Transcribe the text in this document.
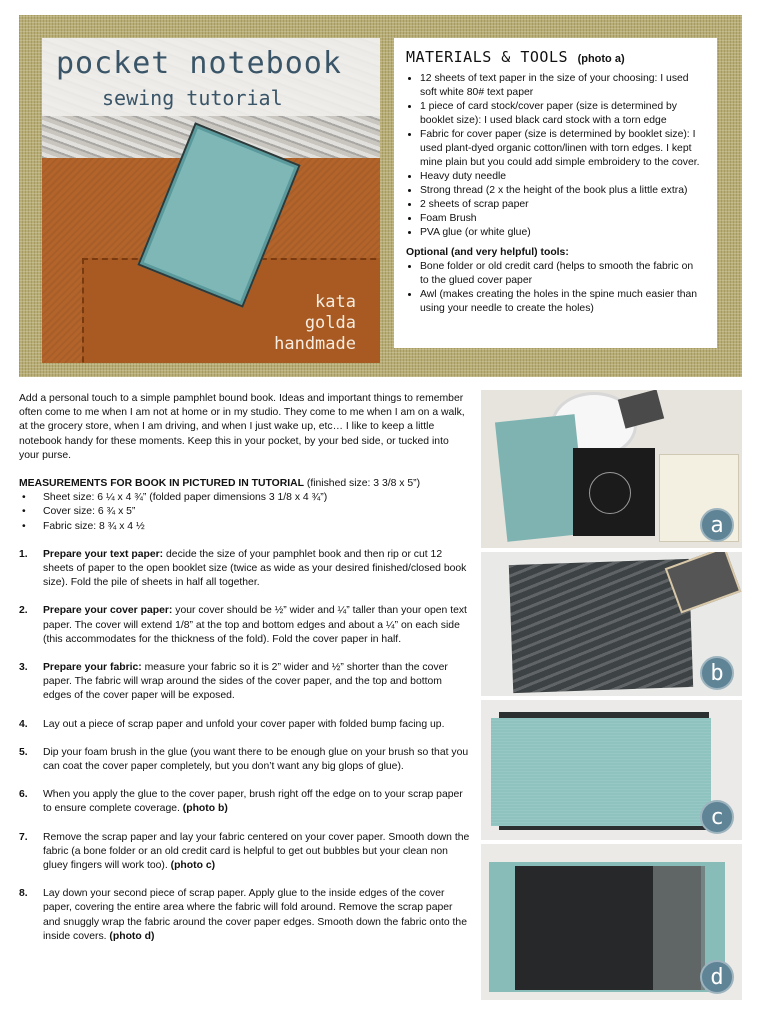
pocket notebook
sewing tutorial
kata
golda
handmade
MATERIALS & TOOLS (photo a)
• 12 sheets of text paper in the size of your choosing: I used soft white 80# text paper
• 1 piece of card stock/cover paper (size is determined by booklet size): I used black card stock with a torn edge
• Fabric for cover paper (size is determined by booklet size): I used plant-dyed organic cotton/linen with torn edges. I kept mine plain but you could add simple embroidery to the cover.
• Heavy duty needle
• Strong thread (2 x the height of the book plus a little extra)
• 2 sheets of scrap paper
• Foam Brush
• PVA glue (or white glue)

Optional (and very helpful) tools:

• Bone folder or old credit card (helps to smooth the fabric on to the glued cover paper
• Awl (makes creating the holes in the spine much easier than using your needle to create the holes)

Add a personal touch to a simple pamphlet bound book. Ideas and important things to remember often come to me when I am not at home or in my studio. They come to me when I am on a walk, at the grocery store, when I am driving, and when I just wake up, etc… I like to keep a little notebook handy for these moments. Keep this in your pocket, by your bed side, or tucked into your purse.

MEASUREMENTS FOR BOOK IN PICTURED IN TUTORIAL (finished size: 3 3/8 x 5”)

• Sheet size: 6 ¼ x 4 ¾” (folded paper dimensions 3 1/8 x 4 ¾”)
• Cover size: 6 ¾ x 5”
• Fabric size: 8 ¾ x 4 ½
1. Prepare your text paper: decide the size of your pamphlet book and then rip or cut 12 sheets of paper to the open booklet size (twice as wide as your desired finished/closed book size). Fold the pile of sheets in half all together.
2. Prepare your cover paper: your cover should be ½” wider and ¼” taller than your open text paper. The cover will extend 1/8” at the top and bottom edges and about a ¼” on each side (this accommodates for the thickness of the fold). Fold the cover paper in half.
3. Prepare your fabric: measure your fabric so it is 2” wider and ½” shorter than the cover paper. The fabric will wrap around the sides of the cover paper, and the top and bottom edges of the cover paper will be exposed.
4. Lay out a piece of scrap paper and unfold your cover paper with folded bump facing up.
5. Dip your foam brush in the glue (you want there to be enough glue on your brush so that you can coat the cover paper completely, but you don’t want any big glops of glue).
6. When you apply the glue to the cover paper, brush right off the edge on to your scrap paper to ensure complete coverage. (photo b)
7. Remove the scrap paper and lay your fabric centered on your cover paper. Smooth down the fabric (a bone folder or an old credit card is helpful to get out bubbles but your clean non gluey fingers will work too). (photo c)
8. Lay down your second piece of scrap paper. Apply glue to the inside edges of the cover paper, covering the entire area where the fabric will fold around. Remove the scrap paper and snuggly wrap the fabric around the cover paper edges. Smooth down the fabric onto the inside covers. (photo d)
a
b
c
d
